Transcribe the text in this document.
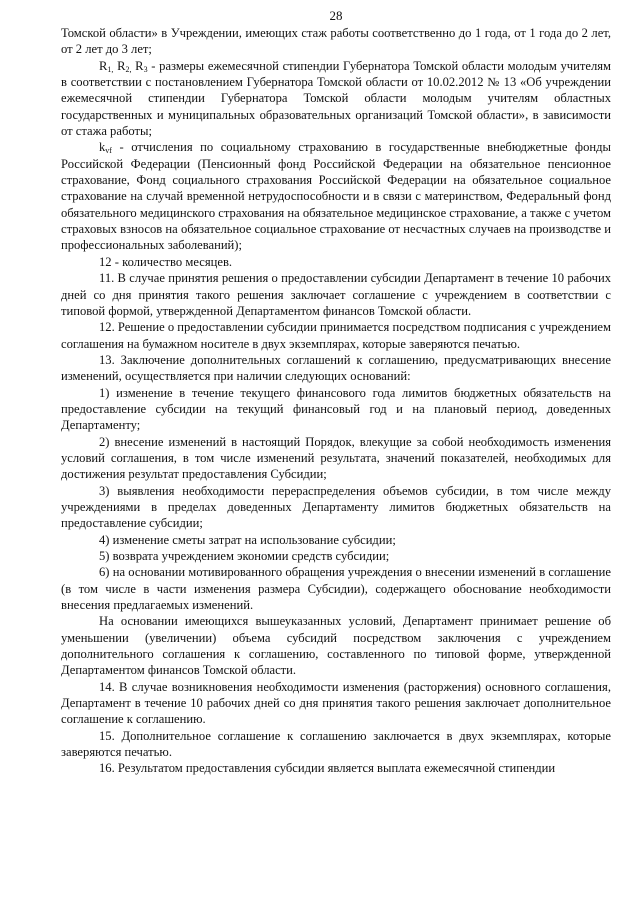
28

Томской области» в Учреждении, имеющих стаж работы соответственно до 1 года, от 1 года до 2 лет, от 2 лет до 3 лет;

$R_{1,}$ $R_{2,}$ $R_3$ - размеры ежемесячной стипендии Губернатора Томской области молодым учителям в соответствии с постановлением Губернатора Томской области от 10.02.2012 № 13 «Об учреждении ежемесячной стипендии Губернатора Томской области молодым учителям областных государственных и муниципальных образовательных организаций Томской области», в зависимости от стажа работы;

$k_{vf}$ - отчисления по социальному страхованию в государственные внебюджетные фонды Российской Федерации (Пенсионный фонд Российской Федерации на обязательное пенсионное страхование, Фонд социального страхования Российской Федерации на обязательное социальное страхование на случай временной нетрудоспособности и в связи с материнством, Федеральный фонд обязательного медицинского страхования на обязательное медицинское страхование, а также с учетом страховых взносов на обязательное социальное страхование от несчастных случаев на производстве и профессиональных заболеваний);

12 - количество месяцев.

11. В случае принятия решения о предоставлении субсидии Департамент в течение 10 рабочих дней со дня принятия такого решения заключает соглашение с учреждением в соответствии с типовой формой, утвержденной Департаментом финансов Томской области.

12. Решение о предоставлении субсидии принимается посредством подписания с учреждением соглашения на бумажном носителе в двух экземплярах, которые заверяются печатью.

13. Заключение дополнительных соглашений к соглашению, предусматривающих внесение изменений, осуществляется при наличии следующих оснований:

1) изменение в течение текущего финансового года лимитов бюджетных обязательств на предоставление субсидии на текущий финансовый год и на плановый период, доведенных Департаменту;

2) внесение изменений в настоящий Порядок, влекущие за собой необходимость изменения условий соглашения, в том числе изменений результата, значений показателей, необходимых для достижения результат предоставления Субсидии;

3) выявления необходимости перераспределения объемов субсидии, в том числе между учреждениями в пределах доведенных Департаменту лимитов бюджетных обязательств на предоставление субсидии;

4) изменение сметы затрат на использование субсидии;

5) возврата учреждением экономии средств субсидии;

6) на основании мотивированного обращения учреждения о внесении изменений в соглашение (в том числе в части изменения размера Субсидии), содержащего обоснование необходимости внесения предлагаемых изменений.

На основании имеющихся вышеуказанных условий, Департамент принимает решение об уменьшении (увеличении) объема субсидий посредством заключения с учреждением дополнительного соглашения к соглашению, составленного по типовой форме, утвержденной Департаментом финансов Томской области.

14. В случае возникновения необходимости изменения (расторжения) основного соглашения, Департамент в течение 10 рабочих дней со дня принятия такого решения заключает дополнительное соглашение к соглашению.

15. Дополнительное соглашение к соглашению заключается в двух экземплярах, которые заверяются печатью.

16. Результатом предоставления субсидии является выплата ежемесячной стипендии
